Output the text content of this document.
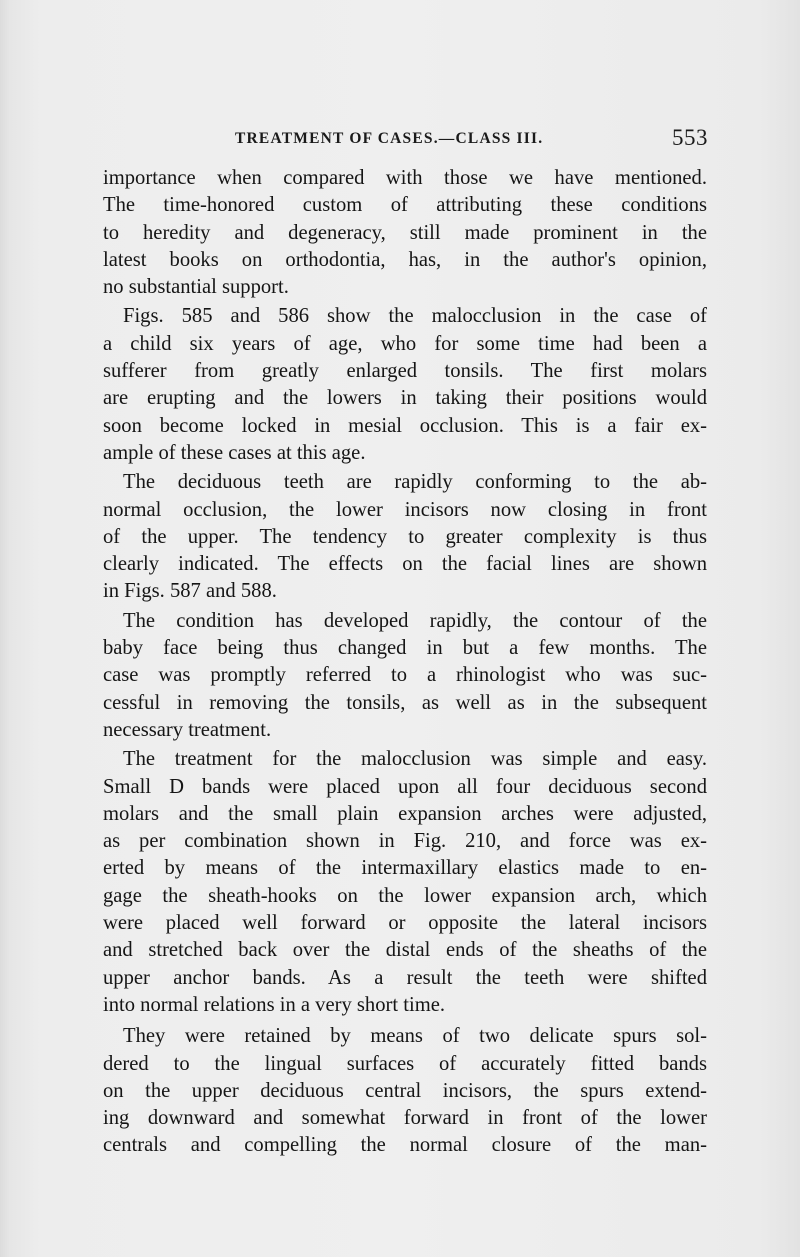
TREATMENT OF CASES.—CLASS III.	553
importance when compared with those we have mentioned.
The time-honored custom of attributing these conditions
to heredity and degeneracy, still made prominent in the
latest books on orthodontia, has, in the author's opinion,
no substantial support.
Figs. 585 and 586 show the malocclusion in the case of
a child six years of age, who for some time had been a
sufferer from greatly enlarged tonsils. The first molars
are erupting and the lowers in taking their positions would
soon become locked in mesial occlusion. This is a fair ex-
ample of these cases at this age.
The deciduous teeth are rapidly conforming to the ab-
normal occlusion, the lower incisors now closing in front
of the upper. The tendency to greater complexity is thus
clearly indicated. The effects on the facial lines are shown
in Figs. 587 and 588.
The condition has developed rapidly, the contour of the
baby face being thus changed in but a few months. The
case was promptly referred to a rhinologist who was suc-
cessful in removing the tonsils, as well as in the subsequent
necessary treatment.
The treatment for the malocclusion was simple and easy.
Small D bands were placed upon all four deciduous second
molars and the small plain expansion arches were adjusted,
as per combination shown in Fig. 210, and force was ex-
erted by means of the intermaxillary elastics made to en-
gage the sheath-hooks on the lower expansion arch, which
were placed well forward or opposite the lateral incisors
and stretched back over the distal ends of the sheaths of the
upper anchor bands. As a result the teeth were shifted
into normal relations in a very short time.
They were retained by means of two delicate spurs sol-
dered to the lingual surfaces of accurately fitted bands
on the upper deciduous central incisors, the spurs extend-
ing downward and somewhat forward in front of the lower
centrals and compelling the normal closure of the man-
